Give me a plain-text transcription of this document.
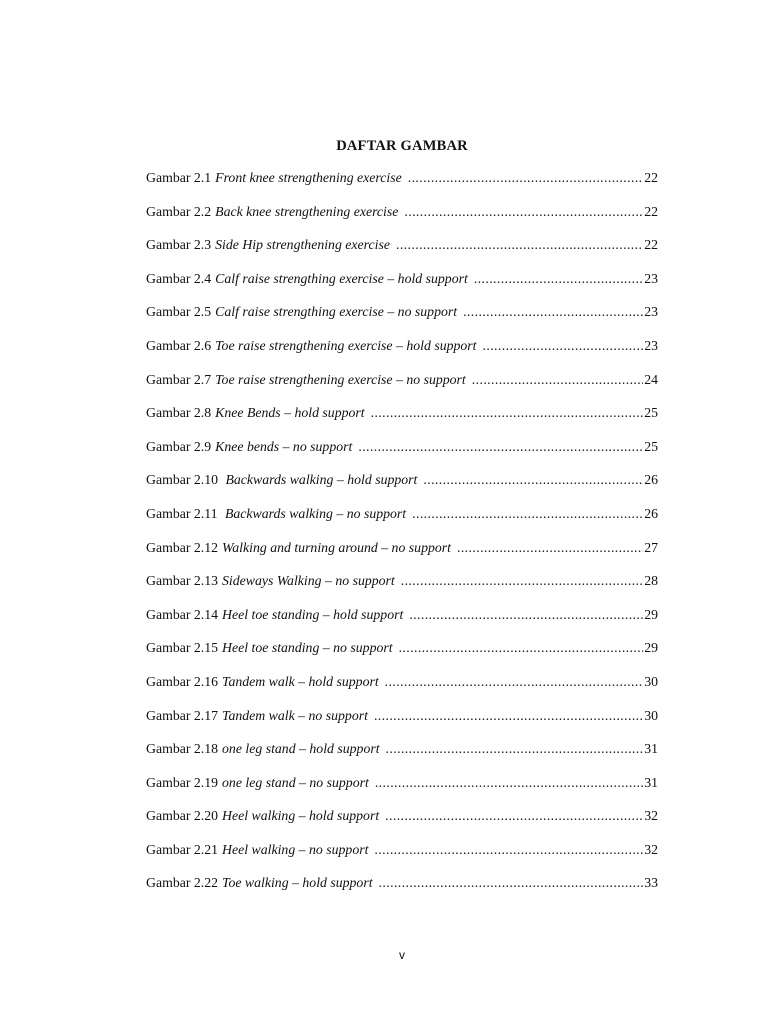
DAFTAR GAMBAR
Gambar 2.1 Front knee strengthening exercise .....	22
Gambar 2.2 Back knee strengthening exercise .....	22
Gambar 2.3 Side Hip strengthening exercise .....	22
Gambar 2.4 Calf raise strengthing exercise – hold support .....	23
Gambar 2.5 Calf raise strengthing exercise – no support .....	23
Gambar 2.6 Toe raise strengthening exercise – hold support .....	23
Gambar 2.7 Toe raise strengthening exercise – no support .....	24
Gambar 2.8 Knee Bends – hold support .....	25
Gambar 2.9 Knee bends – no support .....	25
Gambar 2.10 Backwards walking – hold support .....	26
Gambar 2.11 Backwards walking – no support .....	26
Gambar 2.12 Walking and turning around – no support .....	27
Gambar 2.13 Sideways Walking – no support .....	28
Gambar 2.14 Heel toe standing – hold support .....	29
Gambar 2.15 Heel toe standing – no support .....	29
Gambar 2.16 Tandem walk – hold support .....	30
Gambar 2.17 Tandem walk – no support .....	30
Gambar 2.18 one leg stand – hold support .....	31
Gambar 2.19 one leg stand – no support .....	31
Gambar 2.20 Heel walking – hold support .....	32
Gambar 2.21 Heel walking – no support .....	32
Gambar 2.22 Toe walking – hold support .....	33
v
